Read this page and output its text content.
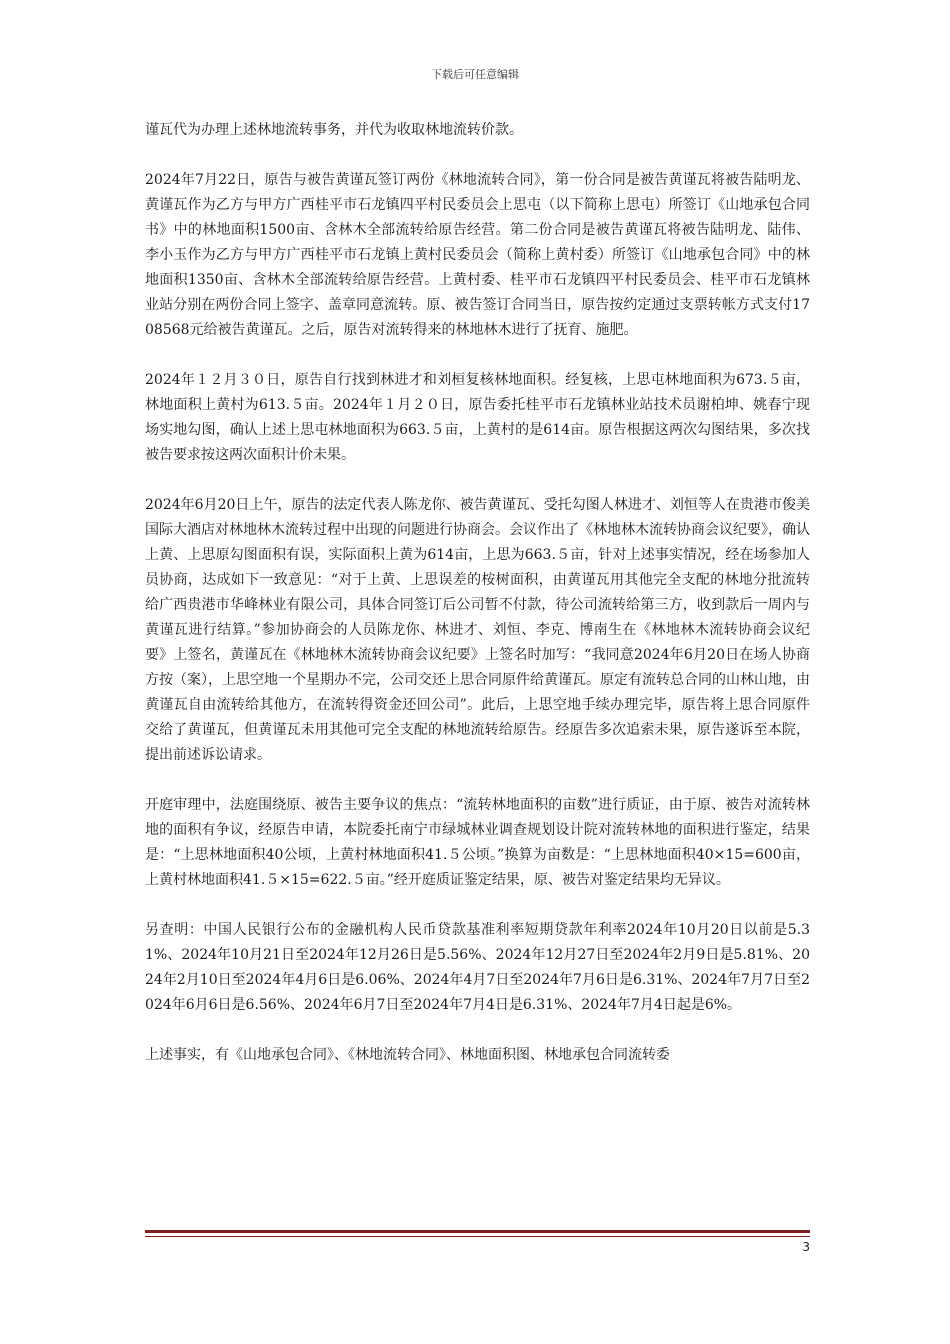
下载后可任意编辑

谨瓦代为办理上述林地流转事务，并代为收取林地流转价款。

2024年7月22日，原告与被告黄谨瓦签订两份《林地流转合同》，第一份合同是被告黄谨瓦将被告陆明龙、黄谨瓦作为乙方与甲方广西桂平市石龙镇四平村民委员会上思屯（以下简称上思屯）所签订《山地承包合同书》中的林地面积1500亩、含林木全部流转给原告经营。第二份合同是被告黄谨瓦将被告陆明龙、陆伟、李小玉作为乙方与甲方广西桂平市石龙镇上黄村民委员会（简称上黄村委）所签订《山地承包合同》中的林地面积1350亩、含林木全部流转给原告经营。上黄村委、桂平市石龙镇四平村民委员会、桂平市石龙镇林业站分别在两份合同上签字、盖章同意流转。原、被告签订合同当日，原告按约定通过支票转帐方式支付1708568元给被告黄谨瓦。之后，原告对流转得来的林地林木进行了抚育、施肥。

2024年１２月３０日，原告自行找到林进才和刘桓复核林地面积。经复核，上思屯林地面积为673.５亩，林地面积上黄村为613.５亩。2024年１月２０日，原告委托桂平市石龙镇林业站技术员谢柏坤、姚春宁现场实地勾图，确认上述上思屯林地面积为663.５亩，上黄村的是614亩。原告根据这两次勾图结果，多次找被告要求按这两次面积计价未果。

2024年6月20日上午，原告的法定代表人陈龙你、被告黄谨瓦、受托勾图人林进才、刘恒等人在贵港市俊美国际大酒店对林地林木流转过程中出现的问题进行协商会。会议作出了《林地林木流转协商会议纪要》，确认上黄、上思原勾图面积有误，实际面积上黄为614亩，上思为663.５亩，针对上述事实情况，经在场参加人员协商，达成如下一致意见：“对于上黄、上思误差的桉树面积，由黄谨瓦用其他完全支配的林地分批流转给广西贵港市华峰林业有限公司，具体合同签订后公司暂不付款，待公司流转给第三方，收到款后一周内与黄谨瓦进行结算。”参加协商会的人员陈龙你、林进才、刘恒、李克、博南生在《林地林木流转协商会议纪要》上签名，黄谨瓦在《林地林木流转协商会议纪要》上签名时加写：“我同意2024年6月20日在场人协商方按（案），上思空地一个星期办不完，公司交还上思合同原件给黄谨瓦。原定有流转总合同的山林山地，由黄谨瓦自由流转给其他方，在流转得资金还回公司”。此后，上思空地手续办理完毕，原告将上思合同原件交给了黄谨瓦，但黄谨瓦未用其他可完全支配的林地流转给原告。经原告多次追索未果，原告遂诉至本院，提出前述诉讼请求。

开庭审理中，法庭围绕原、被告主要争议的焦点：“流转林地面积的亩数”进行质证，由于原、被告对流转林地的面积有争议，经原告申请，本院委托南宁市绿城林业调查规划设计院对流转林地的面积进行鉴定，结果是：“上思林地面积40公顷，上黄村林地面积41.５公顷。”换算为亩数是：“上思林地面积40×15=600亩，上黄村林地面积41.５×15=622.５亩。”经开庭质证鉴定结果，原、被告对鉴定结果均无异议。

另查明：中国人民银行公布的金融机构人民币贷款基准利率短期贷款年利率2024年10月20日以前是5.31%、2024年10月21日至2024年12月26日是5.56%、2024年12月27日至2024年2月9日是5.81%、2024年2月10日至2024年4月6日是6.06%、2024年4月7日至2024年7月6日是6.31%、2024年7月7日至2024年6月6日是6.56%、2024年6月7日至2024年7月4日是6.31%、2024年7月4日起是6%。

上述事实，有《山地承包合同》、《林地流转合同》、林地面积图、林地承包合同流转委

3
